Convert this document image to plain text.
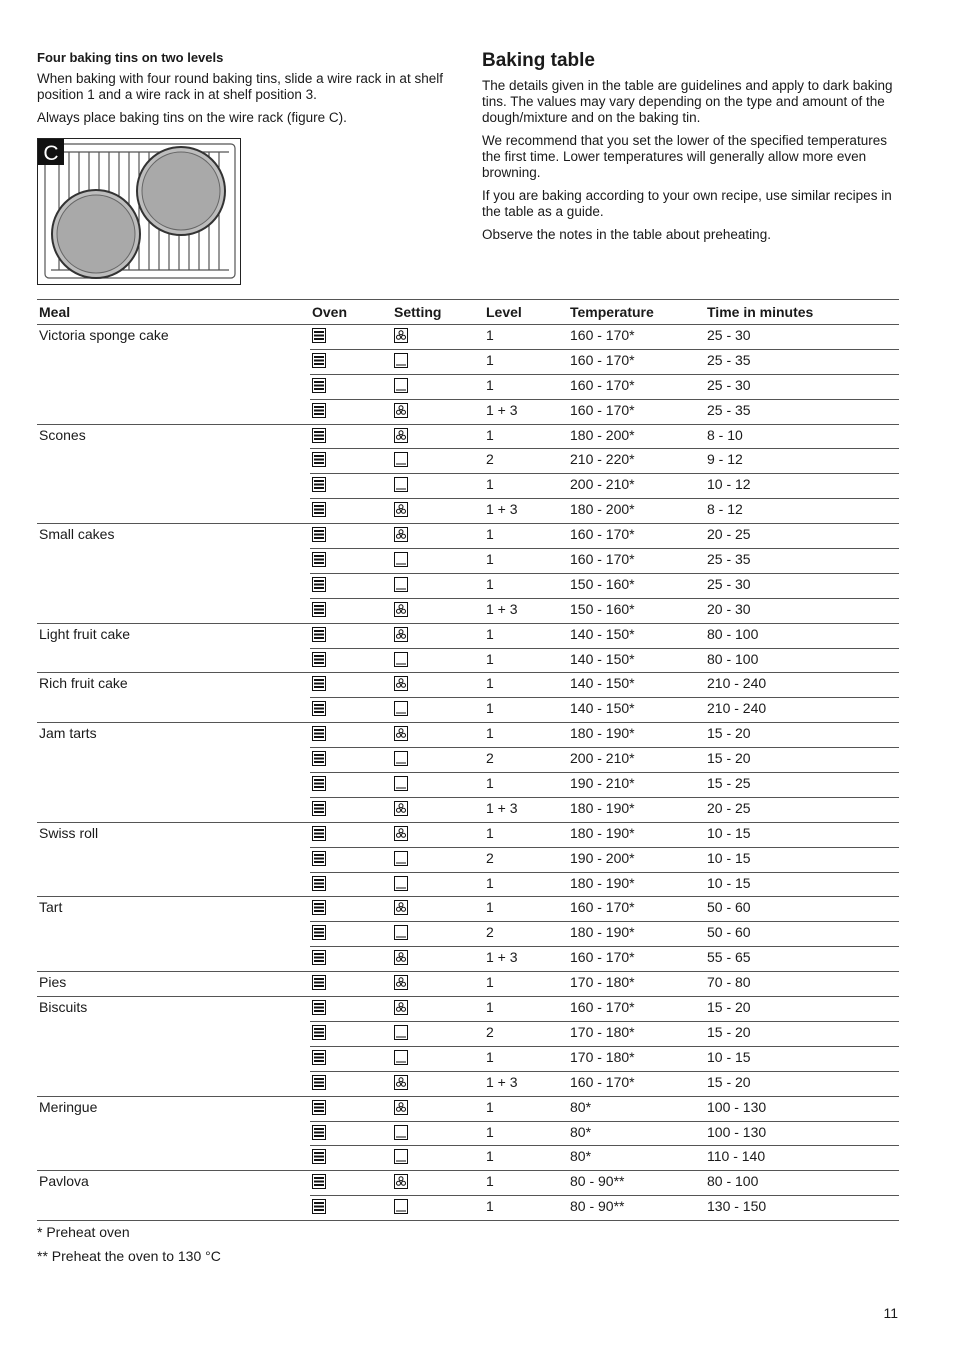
Four baking tins on two levels

When baking with four round baking tins, slide a wire rack in at shelf position 1 and a wire rack in at shelf position 3.

Always place baking tins on the wire rack (figure C).

C
Baking table

The details given in the table are guidelines and apply to dark baking tins. The values may vary depending on the type and amount of the dough/mixture and on the baking tin.

We recommend that you set the lower of the specified temperatures the first time. Lower temperatures will generally allow more even browning.

If you are baking according to your own recipe, use similar recipes in the table as a guide.

Observe the notes in the table about preheating.

Meal	Oven	Setting	Level	Temperature	Time in minutes
Victoria sponge cake			1	160 - 170*	25 - 30
			1	160 - 170*	25 - 35
			1	160 - 170*	25 - 30
			1 + 3	160 - 170*	25 - 35
Scones			1	180 - 200*	8 - 10
			2	210 - 220*	9 - 12
			1	200 - 210*	10 - 12
			1 + 3	180 - 200*	8 - 12
Small cakes			1	160 - 170*	20 - 25
			1	160 - 170*	25 - 35
			1	150 - 160*	25 - 30
			1 + 3	150 - 160*	20 - 30
Light fruit cake			1	140 - 150*	80 - 100
			1	140 - 150*	80 - 100
Rich fruit cake			1	140 - 150*	210 - 240
			1	140 - 150*	210 - 240
Jam tarts			1	180 - 190*	15 - 20
			2	200 - 210*	15 - 20
			1	190 - 210*	15 - 25
			1 + 3	180 - 190*	20 - 25
Swiss roll			1	180 - 190*	10 - 15
			2	190 - 200*	10 - 15
			1	180 - 190*	10 - 15
Tart			1	160 - 170*	50 - 60
			2	180 - 190*	50 - 60
			1 + 3	160 - 170*	55 - 65
Pies			1	170 - 180*	70 - 80
Biscuits			1	160 - 170*	15 - 20
			2	170 - 180*	15 - 20
			1	170 - 180*	10 - 15
			1 + 3	160 - 170*	15 - 20
Meringue			1	80*	100 - 130
			1	80*	100 - 130
			1	80*	110 - 140
Pavlova			1	80 - 90**	80 - 100
			1	80 - 90**	130 - 150
* Preheat oven
** Preheat the oven to 130 °C
11
